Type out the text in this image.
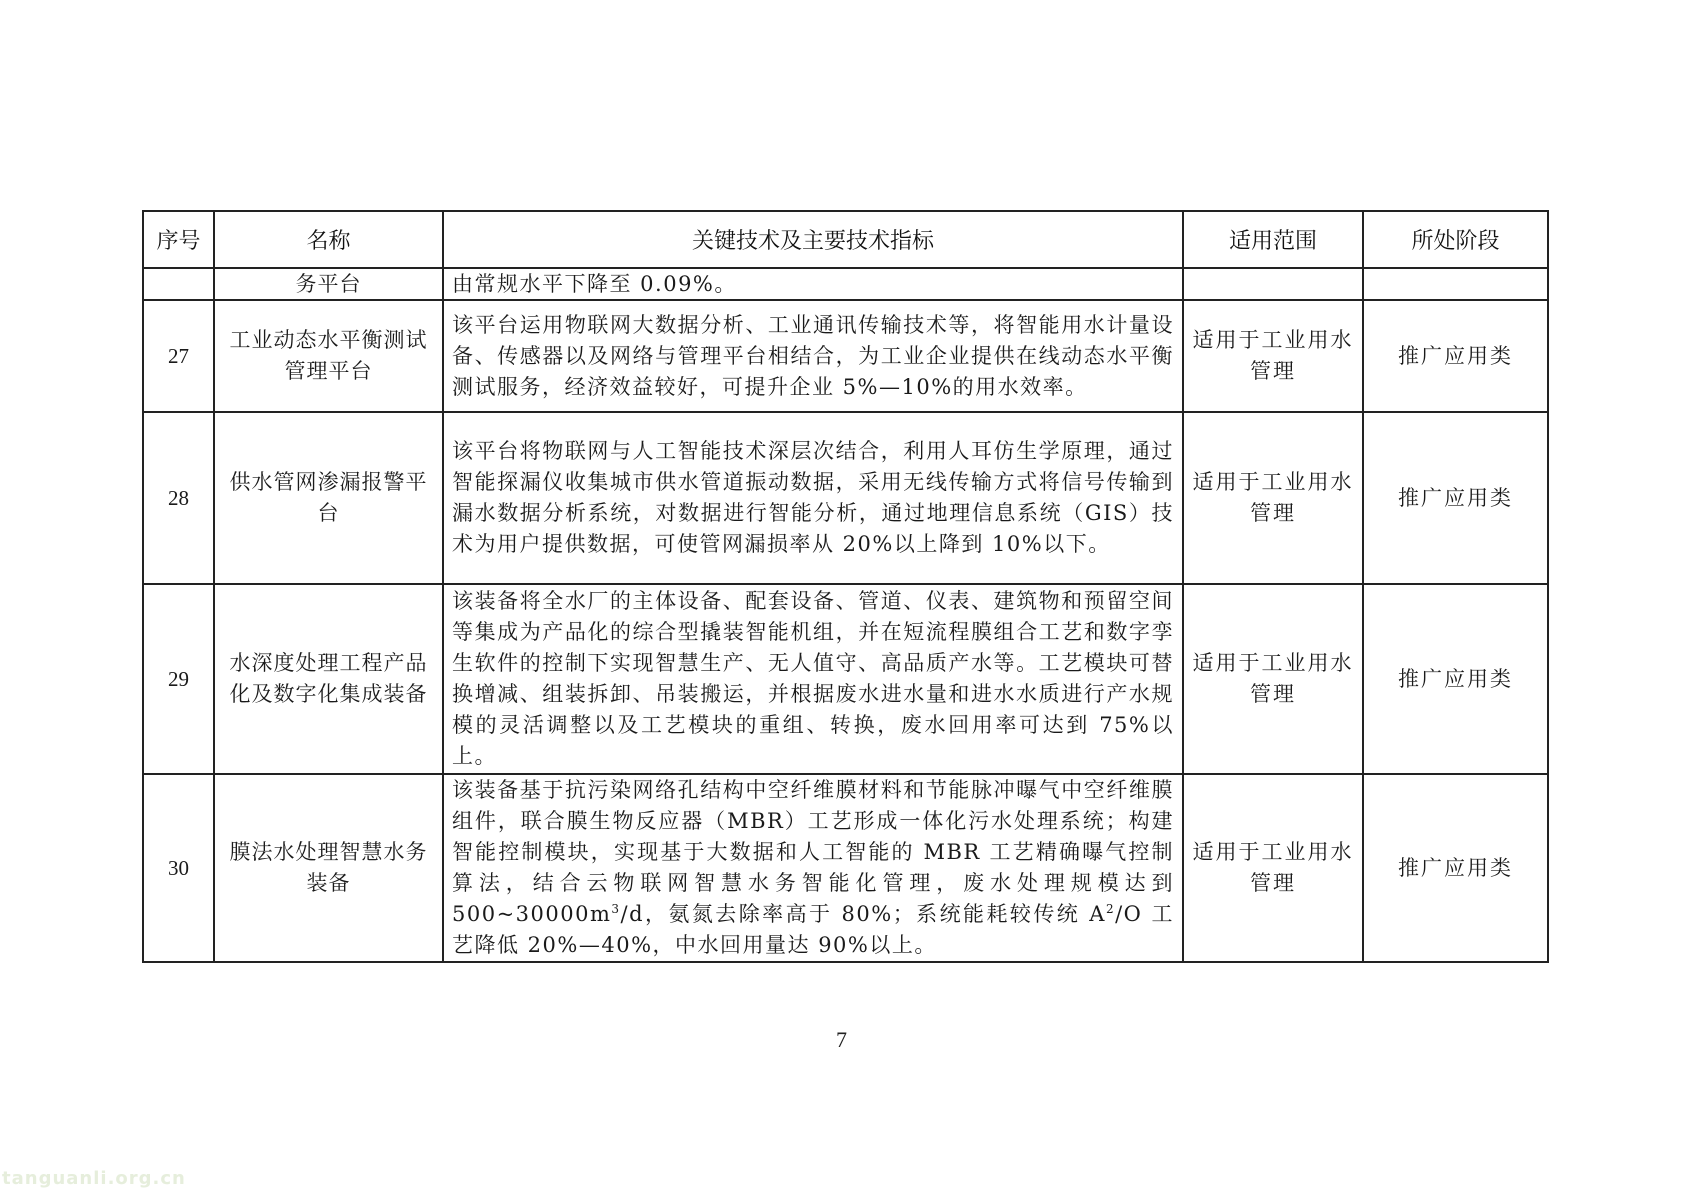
序号	名称	关键技术及主要技术指标	适用范围	所处阶段
	务平台	由常规水平下降至 0.09%。		
27	工业动态水平衡测试管理平台	该平台运用物联网大数据分析、工业通讯传输技术等，将智能用水计量设备、传感器以及网络与管理平台相结合，为工业企业提供在线动态水平衡测试服务，经济效益较好，可提升企业 5%—10%的用水效率。	适用于工业用水管理	推广应用类
28	供水管网渗漏报警平台	该平台将物联网与人工智能技术深层次结合，利用人耳仿生学原理，通过智能探漏仪收集城市供水管道振动数据，采用无线传输方式将信号传输到漏水数据分析系统，对数据进行智能分析，通过地理信息系统（GIS）技术为用户提供数据，可使管网漏损率从 20%以上降到 10%以下。	适用于工业用水管理	推广应用类
29	水深度处理工程产品化及数字化集成装备	该装备将全水厂的主体设备、配套设备、管道、仪表、建筑物和预留空间等集成为产品化的综合型撬装智能机组，并在短流程膜组合工艺和数字孪生软件的控制下实现智慧生产、无人值守、高品质产水等。工艺模块可替换增减、组装拆卸、吊装搬运，并根据废水进水量和进水水质进行产水规模的灵活调整以及工艺模块的重组、转换，废水回用率可达到 75%以上。	适用于工业用水管理	推广应用类
30	膜法水处理智慧水务装备	该装备基于抗污染网络孔结构中空纤维膜材料和节能脉冲曝气中空纤维膜组件，联合膜生物反应器（MBR）工艺形成一体化污水处理系统；构建智能控制模块，实现基于大数据和人工智能的 MBR 工艺精确曝气控制算法，结合云物联网智慧水务智能化管理，废水处理规模达到 $500\sim 30000m^3/d$，氨氮去除率高于 80%；系统能耗较传统 $A^2/O$ 工艺降低 20%—40%，中水回用量达 90%以上。	适用于工业用水管理	推广应用类
7
tanguanli.org.cn
